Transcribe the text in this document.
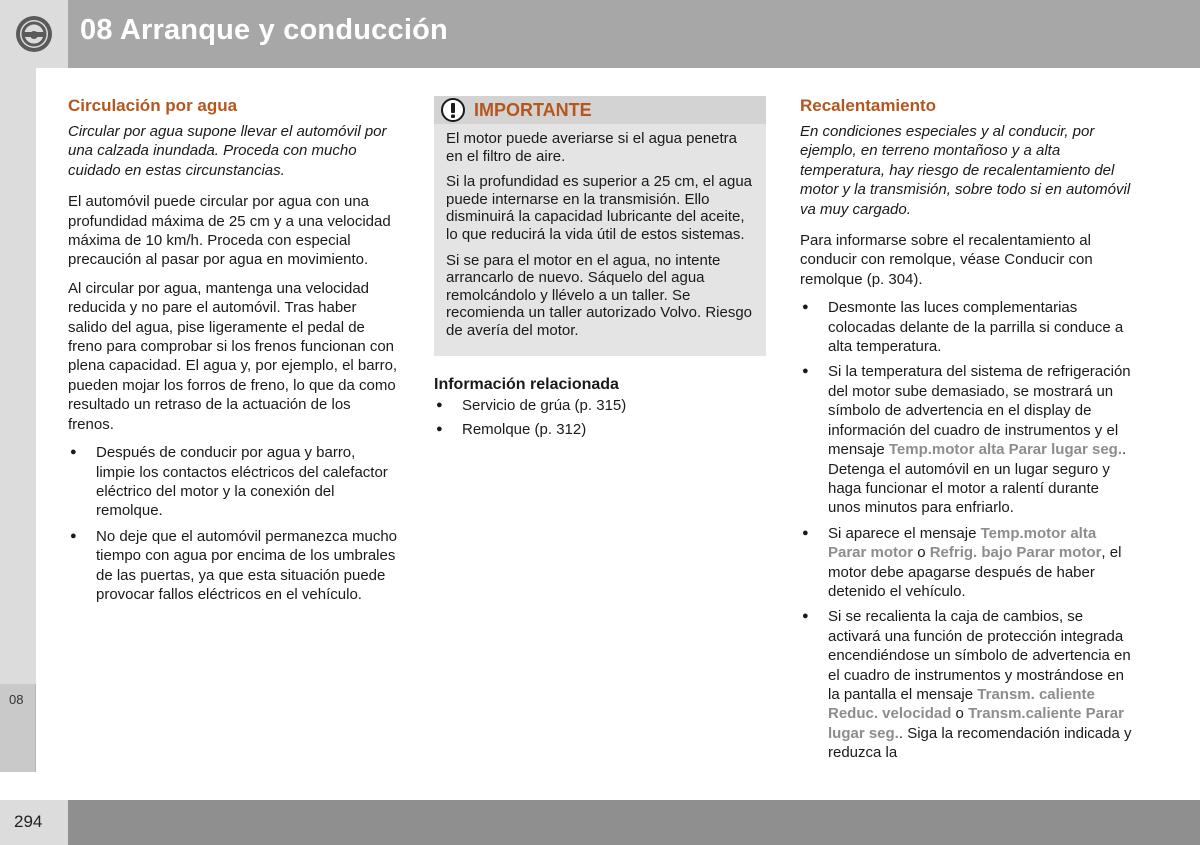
08 Arranque y conducción
08
294
Circulación por agua

Circular por agua supone llevar el automóvil por una calzada inundada. Proceda con mucho cuidado en estas circunstancias.

El automóvil puede circular por agua con una profundidad máxima de 25 cm y a una velocidad máxima de 10 km/h. Proceda con especial precaución al pasar por agua en movimiento.

Al circular por agua, mantenga una velocidad reducida y no pare el automóvil. Tras haber salido del agua, pise ligeramente el pedal de freno para comprobar si los frenos funcionan con plena capacidad. El agua y, por ejemplo, el barro, pueden mojar los forros de freno, lo que da como resultado un retraso de la actuación de los frenos.

● Después de conducir por agua y barro, limpie los contactos eléctricos del calefactor eléctrico del motor y la conexión del remolque.
● No deje que el automóvil permanezca mucho tiempo con agua por encima de los umbrales de las puertas, ya que esta situación puede provocar fallos eléctricos en el vehículo.
IMPORTANTE

El motor puede averiarse si el agua penetra en el filtro de aire.

Si la profundidad es superior a 25 cm, el agua puede internarse en la transmisión. Ello disminuirá la capacidad lubricante del aceite, lo que reducirá la vida útil de estos sistemas.

Si se para el motor en el agua, no intente arrancarlo de nuevo. Sáquelo del agua remolcándolo y llévelo a un taller. Se recomienda un taller autorizado Volvo. Riesgo de avería del motor.

Información relacionada
● Servicio de grúa (p. 315)
● Remolque (p. 312)
Recalentamiento

En condiciones especiales y al conducir, por ejemplo, en terreno montañoso y a alta temperatura, hay riesgo de recalentamiento del motor y la transmisión, sobre todo si en automóvil va muy cargado.

Para informarse sobre el recalentamiento al conducir con remolque, véase Conducir con remolque (p. 304).

● Desmonte las luces complementarias colocadas delante de la parrilla si conduce a alta temperatura.
● Si la temperatura del sistema de refrigeración del motor sube demasiado, se mostrará un símbolo de advertencia en el display de información del cuadro de instrumentos y el mensaje Temp.motor alta Parar lugar seg.. Detenga el automóvil en un lugar seguro y haga funcionar el motor a ralentí durante unos minutos para enfriarlo.
● Si aparece el mensaje Temp.motor alta Parar motor o Refrig. bajo Parar motor, el motor debe apagarse después de haber detenido el vehículo.
● Si se recalienta la caja de cambios, se activará una función de protección integrada encendiéndose un símbolo de advertencia en el cuadro de instrumentos y mostrándose en la pantalla el mensaje Transm. caliente Reduc. velocidad o Transm.caliente Parar lugar seg.. Siga la recomendación indicada y reduzca la
